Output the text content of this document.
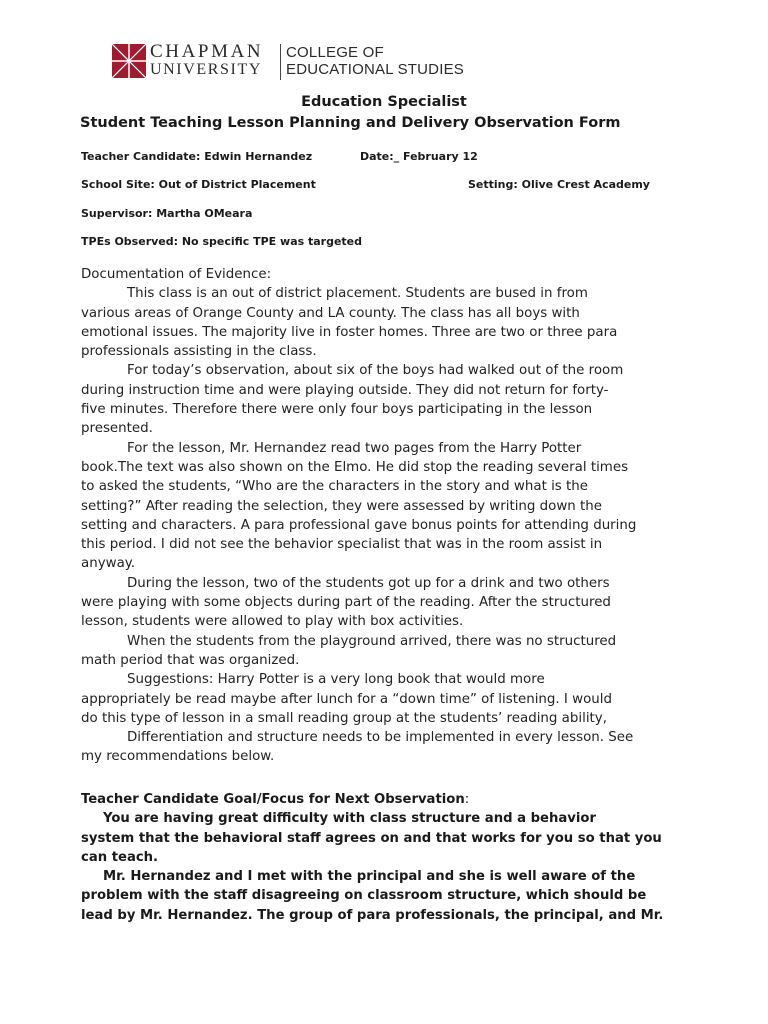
CHAPMAN
UNIVERSITY
COLLEGE OF
EDUCATIONAL STUDIES
Education Specialist
Student Teaching Lesson Planning and Delivery Observation Form
Teacher Candidate: Edwin Hernandez	Date:_ February 12
School Site: Out of District Placement	Setting: Olive Crest Academy
Supervisor: Martha OMeara
TPEs Observed: No specific TPE was targeted
Documentation of Evidence:
This class is an out of district placement. Students are bused in from
various areas of Orange County and LA county. The class has all boys with
emotional issues. The majority live in foster homes. Three are two or three para
professionals assisting in the class.
For today’s observation, about six of the boys had walked out of the room
during instruction time and were playing outside. They did not return for forty-
five minutes. Therefore there were only four boys participating in the lesson
presented.
For the lesson, Mr. Hernandez read two pages from the Harry Potter
book.The text was also shown on the Elmo. He did stop the reading several times
to asked the students, “Who are the characters in the story and what is the
setting?” After reading the selection, they were assessed by writing down the
setting and characters. A para professional gave bonus points for attending during
this period. I did not see the behavior specialist that was in the room assist in
anyway.
During the lesson, two of the students got up for a drink and two others
were playing with some objects during part of the reading. After the structured
lesson, students were allowed to play with box activities.
When the students from the playground arrived, there was no structured
math period that was organized.
Suggestions: Harry Potter is a very long book that would more
appropriately be read maybe after lunch for a “down time” of listening. I would
do this type of lesson in a small reading group at the students’ reading ability,
Differentiation and structure needs to be implemented in every lesson. See
my recommendations below.
Teacher Candidate Goal/Focus for Next Observation:
You are having great difficulty with class structure and a behavior
system that the behavioral staff agrees on and that works for you so that you
can teach.
Mr. Hernandez and I met with the principal and she is well aware of the
problem with the staff disagreeing on classroom structure, which should be
lead by Mr. Hernandez. The group of para professionals, the principal, and Mr.
